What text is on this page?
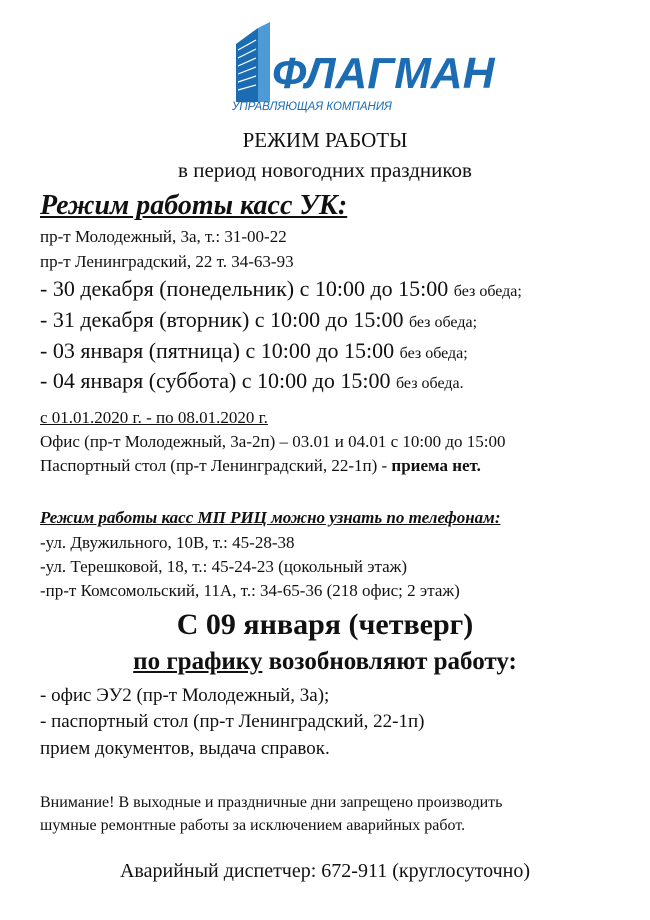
ФЛАГМАН
УПРАВЛЯЮЩАЯ КОМПАНИЯ
РЕЖИМ РАБОТЫ
в период новогодних праздников
Режим работы касс УК:
пр-т Молодежный, 3а, т.: 31-00-22
пр-т Ленинградский, 22 т. 34-63-93
- 30 декабря (понедельник) с 10:00 до 15:00 без обеда;
- 31 декабря (вторник) с 10:00 до 15:00 без обеда;
- 03 января (пятница) с 10:00 до 15:00 без обеда;
- 04 января (суббота) с 10:00 до 15:00 без обеда.
с 01.01.2020 г. - по 08.01.2020 г.
Офис (пр-т Молодежный, 3а-2п) – 03.01 и 04.01 с 10:00 до 15:00
Паспортный стол (пр-т Ленинградский, 22-1п) - приема нет.
Режим работы касс МП РИЦ можно узнать по телефонам:
-ул. Двужильного, 10В, т.: 45-28-38
-ул. Терешковой, 18, т.: 45-24-23 (цокольный этаж)
-пр-т Комсомольский, 11А, т.: 34-65-36 (218 офис; 2 этаж)
С 09 января (четверг)
по графику возобновляют работу:
- офис ЭУ2 (пр-т Молодежный, 3а);
- паспортный стол (пр-т Ленинградский, 22-1п)
прием документов, выдача справок.
Внимание! В выходные и праздничные дни запрещено производить
шумные ремонтные работы за исключением аварийных работ.
Аварийный диспетчер: 672-911 (круглосуточно)
